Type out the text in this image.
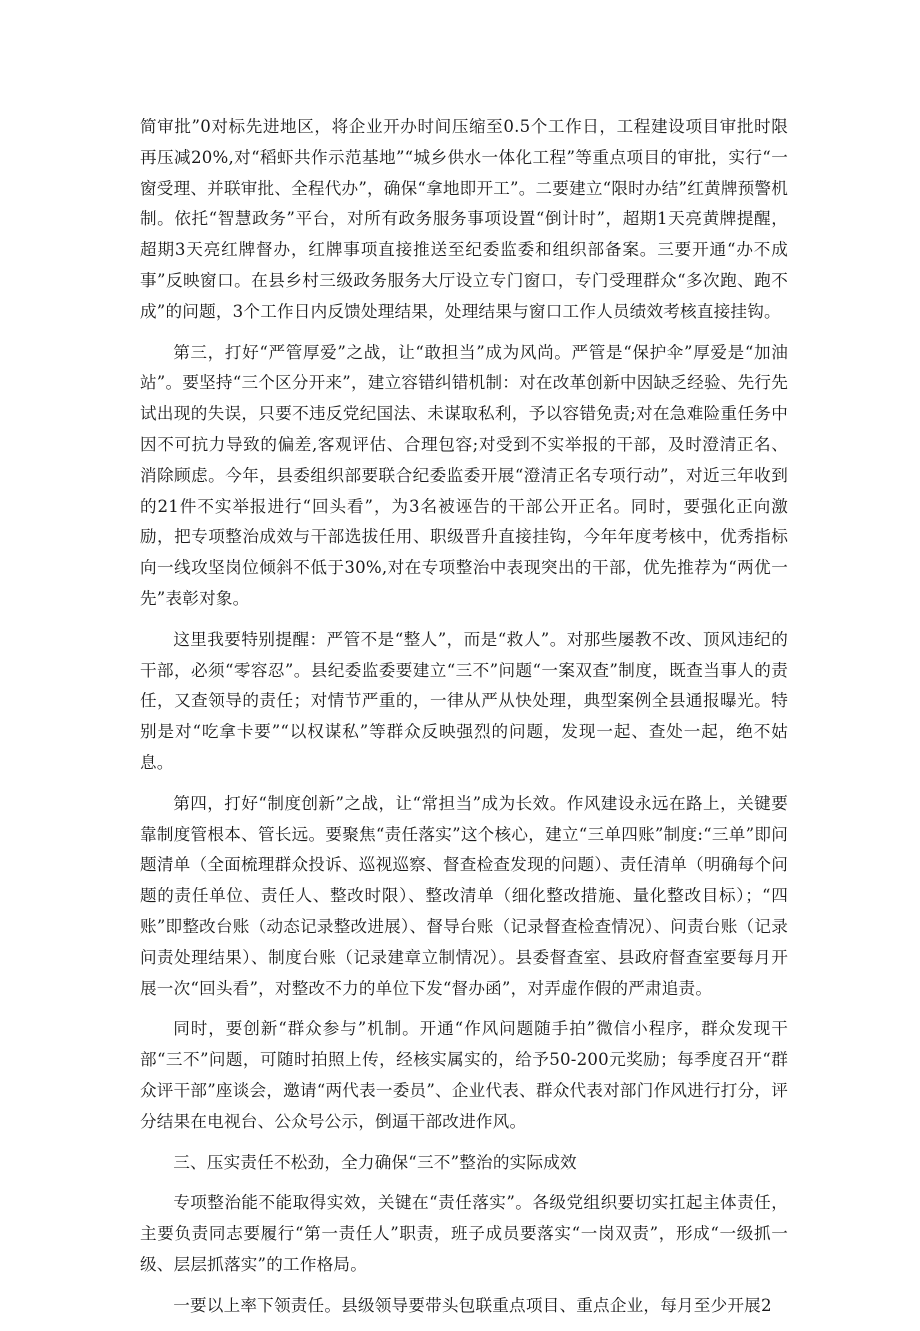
简审批”0对标先进地区，将企业开办时间压缩至0.5个工作日，工程建设项目审批时限再压减20%,对“稻虾共作示范基地”“城乡供水一体化工程”等重点项目的审批，实行“一窗受理、并联审批、全程代办”，确保“拿地即开工”。二要建立“限时办结”红黄牌预警机制。依托“智慧政务”平台，对所有政务服务事项设置“倒计时”，超期1天亮黄牌提醒，超期3天亮红牌督办，红牌事项直接推送至纪委监委和组织部备案。三要开通“办不成事”反映窗口。在县乡村三级政务服务大厅设立专门窗口，专门受理群众“多次跑、跑不成”的问题，3个工作日内反馈处理结果，处理结果与窗口工作人员绩效考核直接挂钩。

第三，打好“严管厚爱”之战，让“敢担当”成为风尚。严管是“保护伞”厚爱是“加油站”。要坚持“三个区分开来”，建立容错纠错机制：对在改革创新中因缺乏经验、先行先试出现的失误，只要不违反党纪国法、未谋取私利，予以容错免责;对在急难险重任务中因不可抗力导致的偏差,客观评估、合理包容;对受到不实举报的干部，及时澄清正名、消除顾虑。今年，县委组织部要联合纪委监委开展“澄清正名专项行动”，对近三年收到的21件不实举报进行“回头看”，为3名被诬告的干部公开正名。同时，要强化正向激励，把专项整治成效与干部选拔任用、职级晋升直接挂钩，今年年度考核中，优秀指标向一线攻坚岗位倾斜不低于30%,对在专项整治中表现突出的干部，优先推荐为“两优一先”表彰对象。

这里我要特别提醒：严管不是“整人”，而是“救人”。对那些屡教不改、顶风违纪的干部，必须“零容忍”。县纪委监委要建立“三不”问题“一案双查”制度，既查当事人的责任，又查领导的责任；对情节严重的，一律从严从快处理，典型案例全县通报曝光。特别是对“吃拿卡要”“以权谋私”等群众反映强烈的问题，发现一起、查处一起，绝不姑息。

第四，打好“制度创新”之战，让“常担当”成为长效。作风建设永远在路上，关键要靠制度管根本、管长远。要聚焦“责任落实”这个核心，建立“三单四账”制度:“三单”即问题清单（全面梳理群众投诉、巡视巡察、督查检查发现的问题）、责任清单（明确每个问题的责任单位、责任人、整改时限）、整改清单（细化整改措施、量化整改目标）；“四账”即整改台账（动态记录整改进展）、督导台账（记录督查检查情况）、问责台账（记录问责处理结果）、制度台账（记录建章立制情况）。县委督查室、县政府督查室要每月开展一次“回头看”，对整改不力的单位下发“督办函”，对弄虚作假的严肃追责。

同时，要创新“群众参与”机制。开通“作风问题随手拍”微信小程序，群众发现干部“三不”问题，可随时拍照上传，经核实属实的，给予50-200元奖励；每季度召开“群众评干部”座谈会，邀请“两代表一委员”、企业代表、群众代表对部门作风进行打分，评分结果在电视台、公众号公示，倒逼干部改进作风。

三、压实责任不松劲，全力确保“三不”整治的实际成效

专项整治能不能取得实效，关键在“责任落实”。各级党组织要切实扛起主体责任，主要负责同志要履行“第一责任人”职责，班子成员要落实“一岗双责”，形成“一级抓一级、层层抓落实”的工作格局。

一要以上率下领责任。县级领导要带头包联重点项目、重点企业，每月至少开展2
